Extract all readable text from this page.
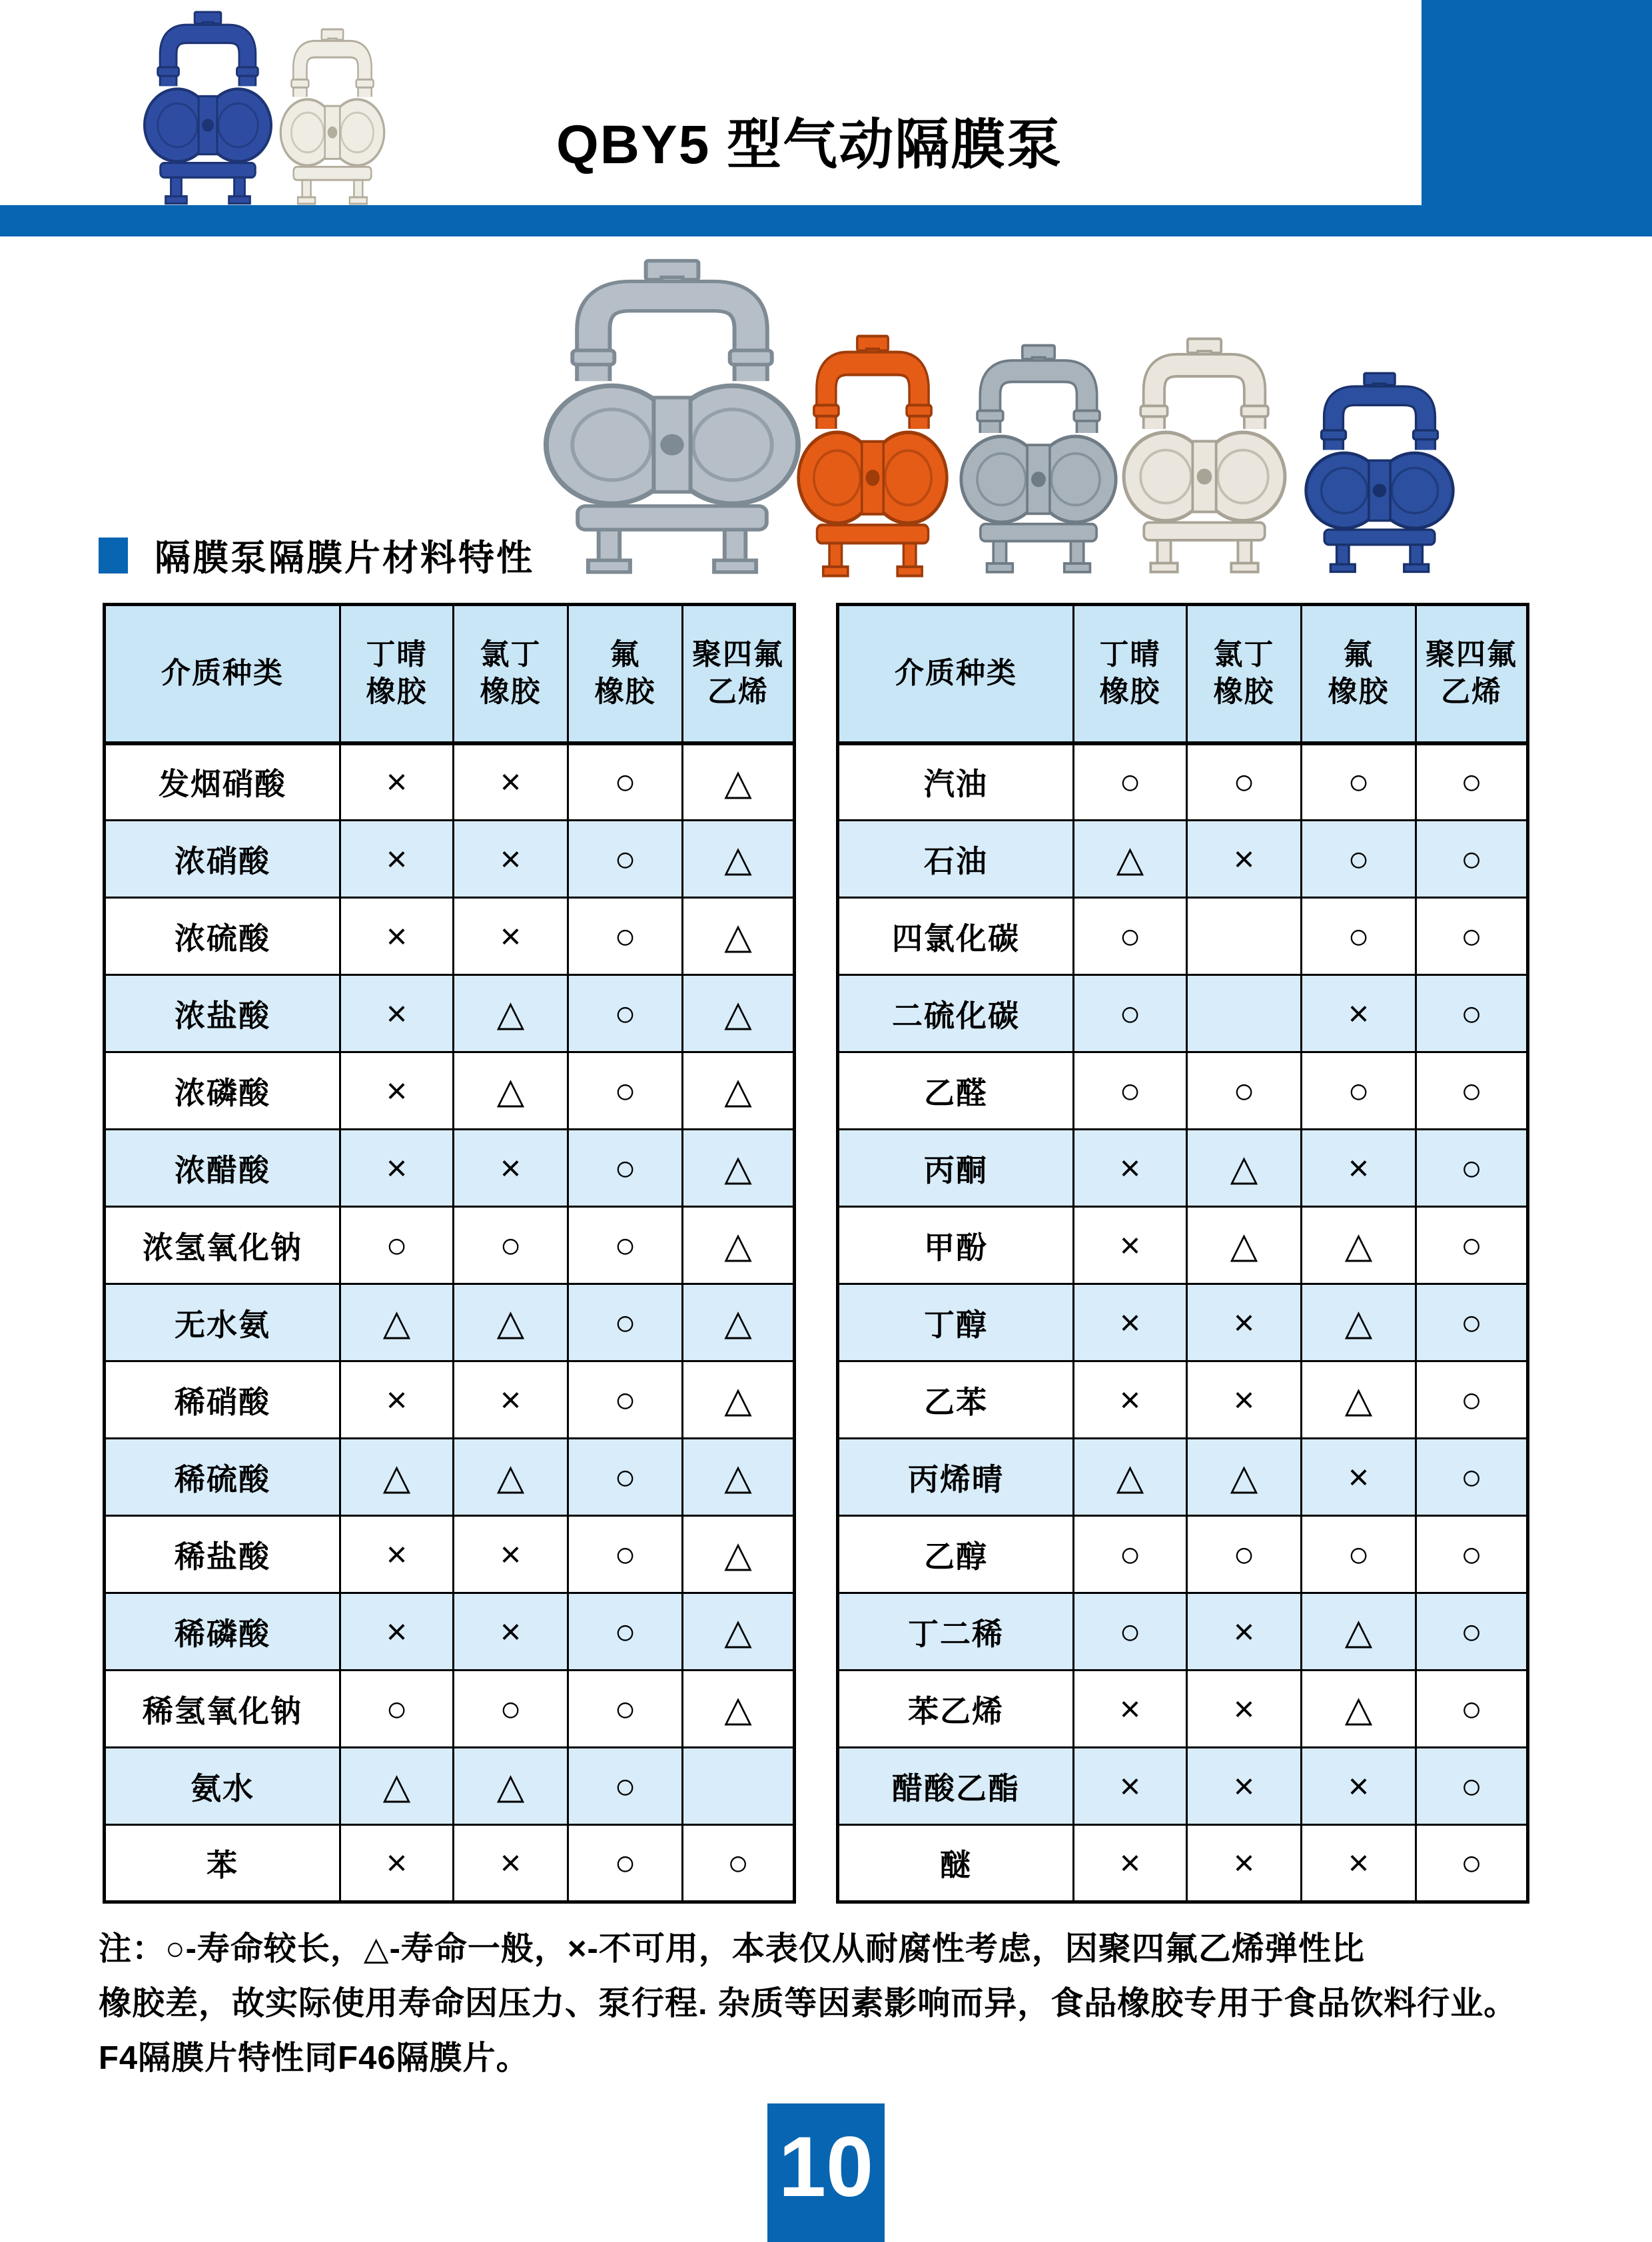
QBY5 型气动隔膜泵
隔膜泵隔膜片材料特性
介质种类

丁晴
橡胶

氯丁
橡胶

氟
橡胶

聚四氟
乙烯

发烟硝酸	×	×	○	△
浓硝酸	×	×	○	△
浓硫酸	×	×	○	△
浓盐酸	×	△	○	△
浓磷酸	×	△	○	△
浓醋酸	×	×	○	△
浓氢氧化钠	○	○	○	△
无水氨	△	△	○	△
稀硝酸	×	×	○	△
稀硫酸	△	△	○	△
稀盐酸	×	×	○	△
稀磷酸	×	×	○	△
稀氢氧化钠	○	○	○	△
氨水	△	△	○	
苯	×	×	○	○
介质种类

丁晴
橡胶

氯丁
橡胶

氟
橡胶

聚四氟
乙烯

汽油	○	○	○	○
石油	△	×	○	○
四氯化碳	○		○	○
二硫化碳	○		×	○
乙醛	○	○	○	○
丙酮	×	△	×	○
甲酚	×	△	△	○
丁醇	×	×	△	○
乙苯	×	×	△	○
丙烯晴	△	△	×	○
乙醇	○	○	○	○
丁二稀	○	×	△	○
苯乙烯	×	×	△	○
醋酸乙酯	×	×	×	○
醚	×	×	×	○
注：○-寿命较长，△-寿命一般，×-不可用，本表仅从耐腐性考虑，因聚四氟乙烯弹性比
橡胶差，故实际使用寿命因压力、泵行程. 杂质等因素影响而异，食品橡胶专用于食品饮料行业。
F4隔膜片特性同F46隔膜片。
10
